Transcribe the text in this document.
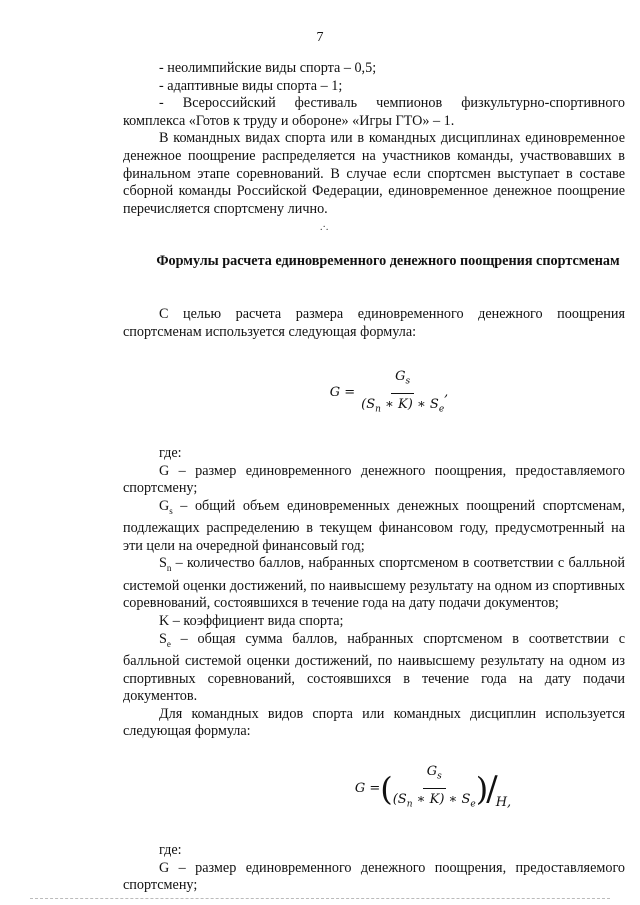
7
.·.

- неолимпийские виды спорта – 0,5;

- адаптивные виды спорта – 1;

- Всероссийский фестиваль чемпионов физкультурно-спортивного комплекса «Готов к труду и обороне» «Игры ГТО» – 1.

В командных видах спорта или в командных дисциплинах единовременное денежное поощрение распределяется на участников команды, участвовавших в финальном этапе соревнований. В случае если спортсмен выступает в составе сборной команды Российской Федерации, единовременное денежное поощрение перечисляется спортсмену лично.

Формулы расчета единовременного денежного поощрения спортсменам

С целью расчета размера единовременного денежного поощрения спортсменам используется следующая формула:

$G = \frac{G_s}{(S_n ∗ K) ∗ S_e}$ ,

где:

G – размер единовременного денежного поощрения, предоставляемого спортсмену;

$G_s$ – общий объем единовременных денежных поощрений спортсменам, подлежащих распределению в текущем финансовом году, предусмотренный на эти цели на очередной финансовый год;

$S_n$ – количество баллов, набранных спортсменом в соответствии с балльной системой оценки достижений, по наивысшему результату на одном из спортивных соревнований, состоявшихся в течение года на дату подачи документов;

K – коэффициент вида спорта;

$S_e$ – общая сумма баллов, набранных спортсменом в соответствии с балльной системой оценки достижений, по наивысшему результату на одном из спортивных соревнований, состоявшихся в течение года на дату подачи документов.

Для командных видов спорта или командных дисциплин используется следующая формула:

G = ( $\frac{G_s}{(S_n ∗ K) ∗ S_e}$ )
/
H,

где:

G – размер единовременного денежного поощрения, предоставляемого спортсмену;
